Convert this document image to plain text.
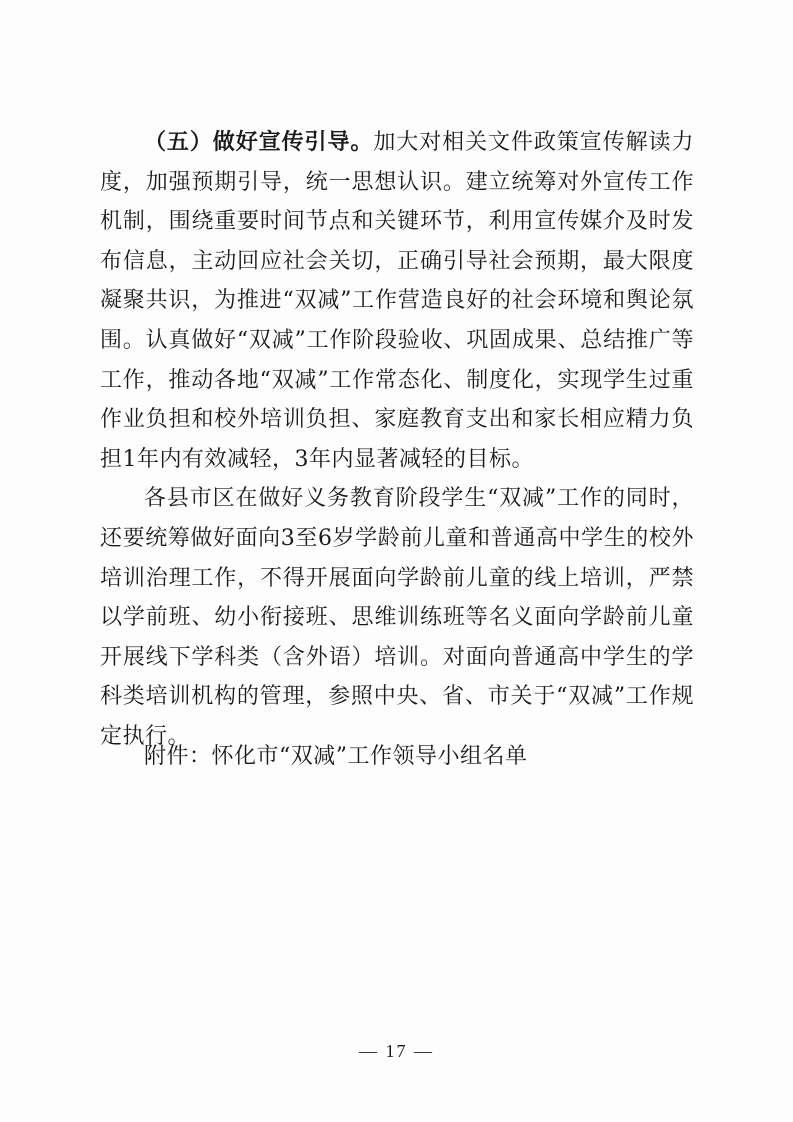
（五）做好宣传引导。加大对相关文件政策宣传解读力度，加强预期引导，统一思想认识。建立统筹对外宣传工作机制，围绕重要时间节点和关键环节，利用宣传媒介及时发布信息，主动回应社会关切，正确引导社会预期，最大限度凝聚共识，为推进“双减”工作营造良好的社会环境和舆论氛围。认真做好“双减”工作阶段验收、巩固成果、总结推广等工作，推动各地“双减”工作常态化、制度化，实现学生过重作业负担和校外培训负担、家庭教育支出和家长相应精力负担1年内有效减轻，3年内显著减轻的目标。

各县市区在做好义务教育阶段学生“双减”工作的同时，还要统筹做好面向3至6岁学龄前儿童和普通高中学生的校外培训治理工作，不得开展面向学龄前儿童的线上培训，严禁以学前班、幼小衔接班、思维训练班等名义面向学龄前儿童开展线下学科类（含外语）培训。对面向普通高中学生的学科类培训机构的管理，参照中央、省、市关于“双减”工作规定执行。

附件：怀化市“双减”工作领导小组名单

— 17 —
